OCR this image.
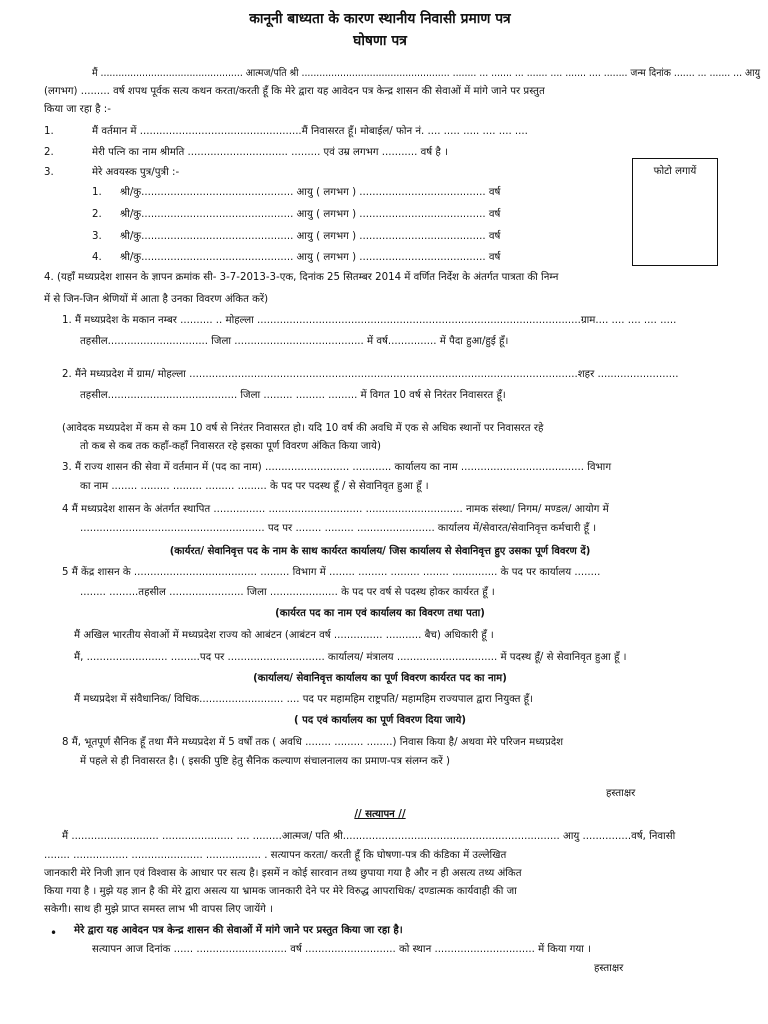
कानूनी बाध्यता के कारण स्थानीय निवासी प्रमाण पत्र
घोषणा पत्र
मैं ................................................ आत्मज/पति श्री .................................................. ........ ... ....... ... ....... .... ....... .... ........ जन्म दिनांक ....... ... ....... ... आयु
(लगभग) ......... वर्ष शपथ पूर्वक सत्य कथन करता/करती हूँ कि मेरे द्वारा यह आवेदन पत्र केन्द्र शासन की सेवाओं में मांगे जाने पर प्रस्तुत
किया जा रहा है :-
फोटो लगायें
1.	मैं वर्तमान में ..................................................मैं निवासरत हूँ। मोबाईल/ फोन नं. .... ..... ..... .... .... ....
2.	मेरी पत्नि का नाम श्रीमति ............................... ......... एवं उम्र लगभग ........... वर्ष है ।
3.	मेरे अवयस्क पुत्र/पुत्री :-
1. श्री/कु............................................... आयु ( लगभग ) ....................................... वर्ष
2. श्री/कु............................................... आयु ( लगभग ) ....................................... वर्ष
3. श्री/कु............................................... आयु ( लगभग ) ....................................... वर्ष
4. श्री/कु............................................... आयु ( लगभग ) ....................................... वर्ष
4. (यहाँ मध्यप्रदेश शासन के ज्ञापन क्रमांक सी- 3-7-2013-3-एक, दिनांक 25 सितम्बर 2014 में वर्णित निर्देश के अंतर्गत पात्रता की निम्न
में से जिन-जिन श्रेणियों में आता है उनका विवरण अंकित करें)
1. मैं मध्यप्रदेश के मकान नम्बर .......... .. मोहल्ला ....................................................................................................ग्राम.... .... .... .... .....
तहसील............................... जिला ........................................ में वर्ष............... में पैदा हुआ/हुई हूँ।
2. मैंने मध्यप्रदेश में ग्राम/ मोहल्ला ........................................................................................................................शहर .........................
तहसील........................................ जिला ......... ......... ......... में विगत 10 वर्ष से निरंतर निवासरत हूँ।
(आवेदक मध्यप्रदेश में कम से कम 10 वर्ष से निरंतर निवासरत हो। यदि 10 वर्ष की अवधि में एक से अधिक स्थानों पर निवासरत रहे
तो कब से कब तक कहाँ-कहाँ निवासरत रहे इसका पूर्ण विवरण अंकित किया जाये)
3. मैं राज्य शासन की सेवा में वर्तमान में (पद का नाम) .......................... ............ कार्यालय का नाम ...................................... विभाग
का नाम ........ ......... ......... ......... ......... के पद पर पदस्थ हूँ / से सेवानिवृत हुआ हूँ ।
4 मैं मध्यप्रदेश शासन के अंतर्गत स्थापित ................ ............................. .............................. नामक संस्था/ निगम/ मण्डल/ आयोग में
......................................................... पद पर ........ ......... ........................ कार्यालय में/सेवारत/सेवानिवृत्त कर्मचारी हूँ ।
(कार्यरत/ सेवानिवृत्त पद के नाम के साथ कार्यरत कार्यालय/ जिस कार्यालय से सेवानिवृत्त हुए उसका पूर्ण विवरण दें)
5 मैं केंद्र शासन के ...................................... ......... विभाग में ........ ......... ......... ........ .............. के पद पर कार्यालय ........
........ .........तहसील ....................... जिला ..................... के पद पर वर्ष से पदस्थ होकर कार्यरत हूँ ।
(कार्यरत पद का नाम एवं कार्यालय का विवरण तथा पता)
मैं अखिल भारतीय सेवाओं में मध्यप्रदेश राज्य को आबंटन (आबंटन वर्ष ............... ........... बैच) अधिकारी हूँ ।
मैं, ......................... .........पद पर .............................. कार्यालय/ मंत्रालय ............................... में पदस्थ हूँ/ से सेवानिवृत हुआ हूँ ।
(कार्यालय/ सेवानिवृत्त कार्यालय का पूर्ण विवरण कार्यरत पद का नाम)
मैं मध्यप्रदेश में संवैधानिक/ विधिक.......................... .... पद पर महामहिम राष्ट्रपति/ महामहिम राज्यपाल द्वारा नियुक्त हूँ।
( पद एवं कार्यालय का पूर्ण विवरण दिया जाये)
8 मैं, भूतपूर्ण सैनिक हूँ तथा मैंने मध्यप्रदेश में 5 वर्षों तक ( अवधि ........ ......... ........) निवास किया है/ अथवा मेरे परिजन मध्यप्रदेश
में पहले से ही निवासरत है। ( इसकी पुष्टि हेतु सैनिक कल्याण संचालनालय का प्रमाण-पत्र संलग्न करें )
हस्ताक्षर
// सत्यापन //
मैं ........................... ...................... .... .........आत्मज/ पति श्री................................................................... आयु ...............वर्ष, निवासी
........ ................. ...................... ................. . सत्यापन करता/ करती हूँ कि घोषणा-पत्र की कंडिका में उल्लेखित
जानकारी मेरे निजी ज्ञान एवं विश्वास के आधार पर सत्य है। इसमें न कोई सारवान तथ्य छुपाया गया है और न ही असत्य तथ्य अंकित
किया गया है । मुझे यह ज्ञान है की मेरे द्वारा असत्य या भ्रामक जानकारी देने पर मेरे विरुद्ध आपराधिक/ दण्डात्मक कार्यवाही की जा
सकेगी। साथ ही मुझे प्राप्त समस्त लाभ भी वापस लिए जायेंगे ।
• मेरे द्वारा यह आवेदन पत्र केन्द्र शासन की सेवाओं में मांगे जाने पर प्रस्तुत किया जा रहा है।
सत्यापन आज दिनांक ...... ............................ वर्ष ............................ को स्थान ............................... में किया गया ।
हस्ताक्षर
